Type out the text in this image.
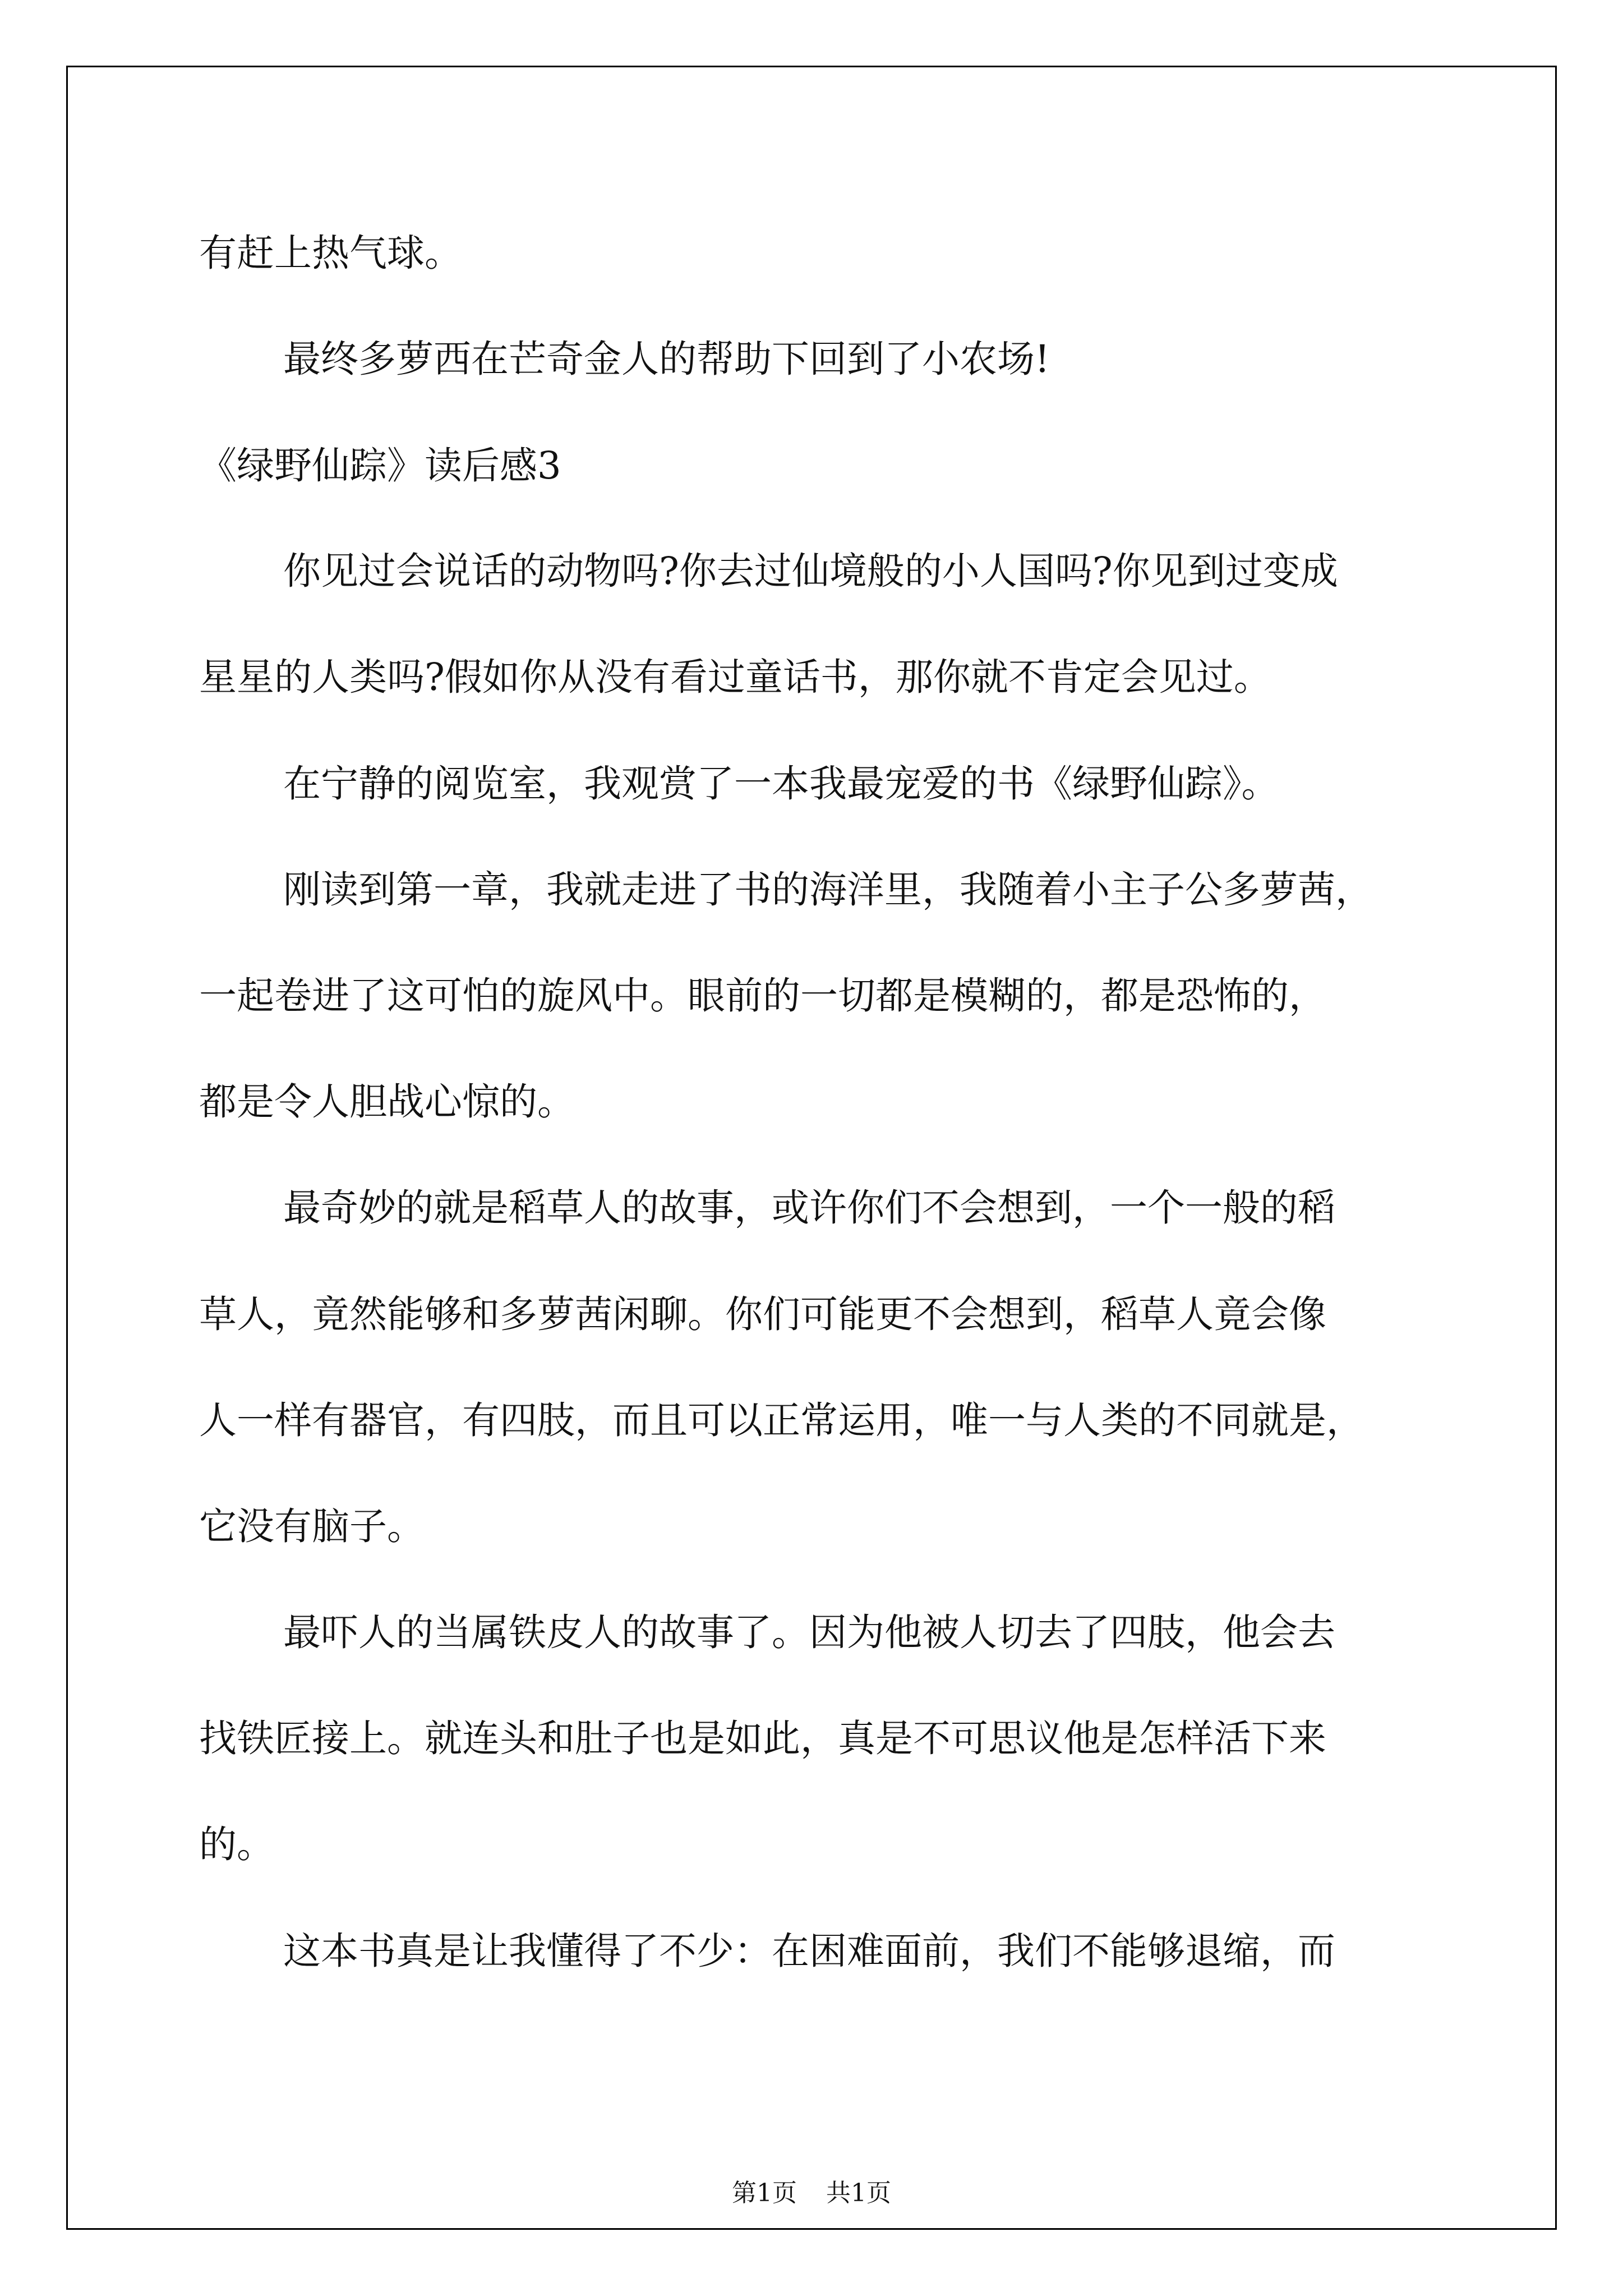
有赶上热气球。

最终多萝西在芒奇金人的帮助下回到了小农场!

《绿野仙踪》读后感3

你见过会说话的动物吗?你去过仙境般的小人国吗?你见到过变成

星星的人类吗?假如你从没有看过童话书，那你就不肯定会见过。

在宁静的阅览室，我观赏了一本我最宠爱的书《绿野仙踪》。

刚读到第一章，我就走进了书的海洋里，我随着小主子公多萝茜，

一起卷进了这可怕的旋风中。眼前的一切都是模糊的，都是恐怖的，

都是令人胆战心惊的。

最奇妙的就是稻草人的故事，或许你们不会想到，一个一般的稻

草人，竟然能够和多萝茜闲聊。你们可能更不会想到，稻草人竟会像

人一样有器官，有四肢，而且可以正常运用，唯一与人类的不同就是，

它没有脑子。

最吓人的当属铁皮人的故事了。因为他被人切去了四肢，他会去

找铁匠接上。就连头和肚子也是如此，真是不可思议他是怎样活下来

的。

这本书真是让我懂得了不少：在困难面前，我们不能够退缩，而

第1页 共1页
